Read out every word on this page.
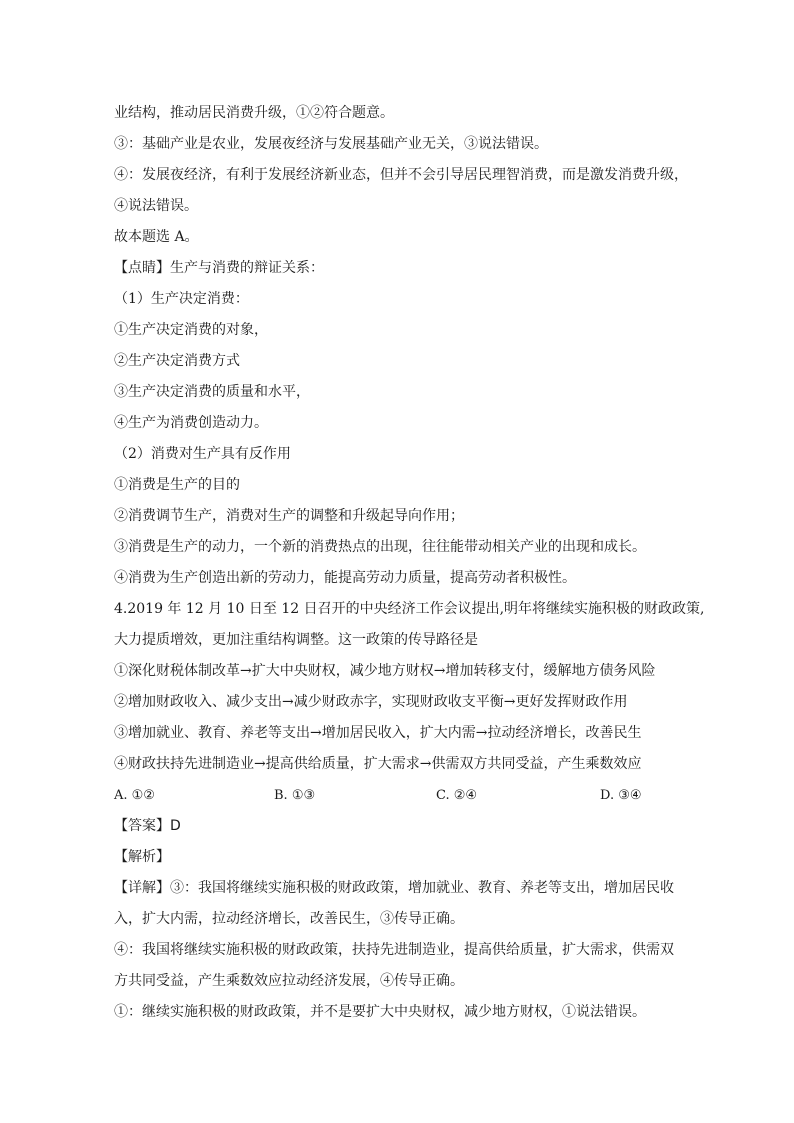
业结构，推动居民消费升级，①②符合题意。
③：基础产业是农业，发展夜经济与发展基础产业无关，③说法错误。
④：发展夜经济，有利于发展经济新业态，但并不会引导居民理智消费，而是激发消费升级，
④说法错误。
故本题选 A。
【点睛】生产与消费的辩证关系：
（1）生产决定消费：
①生产决定消费的对象，
②生产决定消费方式
③生产决定消费的质量和水平，
④生产为消费创造动力。
（2）消费对生产具有反作用
①消费是生产的目的
②消费调节生产，消费对生产的调整和升级起导向作用；
③消费是生产的动力，一个新的消费热点的出现，往往能带动相关产业的出现和成长。
④消费为生产创造出新的劳动力，能提高劳动力质量，提高劳动者积极性。
4.2019 年 12 月 10 日至 12 日召开的中央经济工作会议提出,明年将继续实施积极的财政政策,
大力提质增效，更加注重结构调整。这一政策的传导路径是
①深化财税体制改革→扩大中央财权，减少地方财权→增加转移支付，缓解地方债务风险
②增加财政收入、减少支出→减少财政赤字，实现财政收支平衡→更好发挥财政作用
③增加就业、教育、养老等支出→增加居民收入，扩大内需→拉动经济增长，改善民生
④财政扶持先进制造业→提高供给质量，扩大需求→供需双方共同受益，产生乘数效应
A. ①②	B. ①③	C. ②④	D. ③④
【答案】D
【解析】
【详解】③：我国将继续实施积极的财政政策，增加就业、教育、养老等支出，增加居民收
入，扩大内需，拉动经济增长，改善民生，③传导正确。
④：我国将继续实施积极的财政政策，扶持先进制造业，提高供给质量，扩大需求，供需双
方共同受益，产生乘数效应拉动经济发展，④传导正确。
①：继续实施积极的财政政策，并不是要扩大中央财权，减少地方财权，①说法错误。
